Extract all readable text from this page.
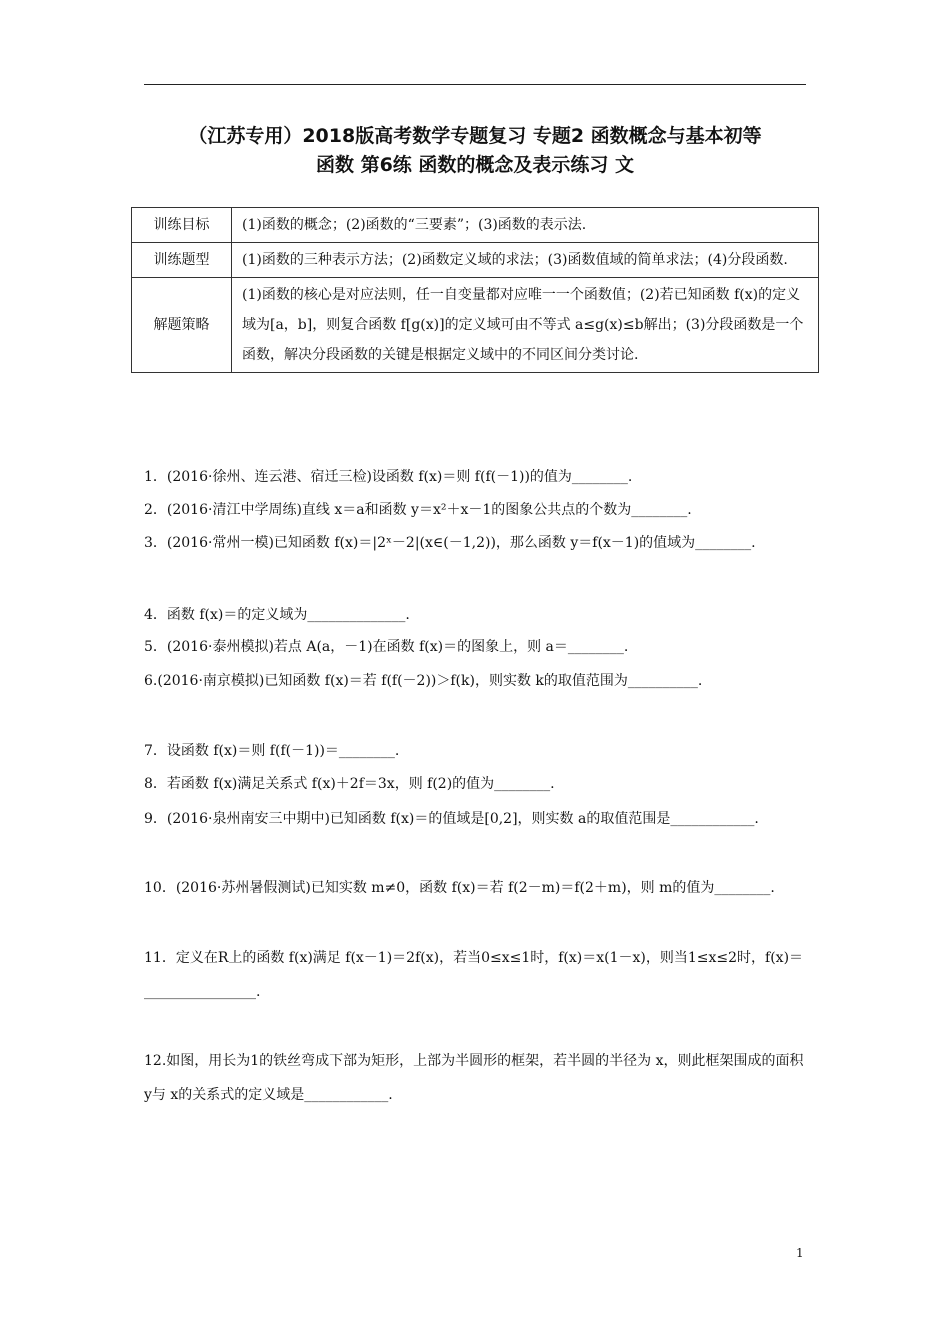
（江苏专用）2018版高考数学专题复习 专题2 函数概念与基本初等
函数 第6练 函数的概念及表示练习 文
训练目标	(1)函数的概念；(2)函数的“三要素”；(3)函数的表示法.
训练题型	(1)函数的三种表示方法；(2)函数定义域的求法；(3)函数值域的简单求法；(4)分段函数.
解题策略	(1)函数的核心是对应法则，任一自变量都对应唯一一个函数值；(2)若已知函数 f(x)的定义域为[a，b]，则复合函数 f[g(x)]的定义域可由不等式 a≤g(x)≤b解出；(3)分段函数是一个函数，解决分段函数的关键是根据定义域中的不同区间分类讨论.
1．(2016·徐州、连云港、宿迁三检)设函数 f(x)＝则 f(f(－1))的值为________.
2．(2016·清江中学周练)直线 x＝a和函数 y＝x²＋x－1的图象公共点的个数为________.
3．(2016·常州一模)已知函数 f(x)＝|2ˣ－2|(x∈(－1,2))，那么函数 y＝f(x－1)的值域为________.
4．函数 f(x)＝的定义域为______________.
5．(2016·泰州模拟)若点 A(a，－1)在函数 f(x)＝的图象上，则 a＝________.
6.(2016·南京模拟)已知函数 f(x)＝若 f(f(－2))＞f(k)，则实数 k的取值范围为__________.
7．设函数 f(x)＝则 f(f(－1))＝________.
8．若函数 f(x)满足关系式 f(x)＋2f＝3x，则 f(2)的值为________.
9．(2016·泉州南安三中期中)已知函数 f(x)＝的值域是[0,2]，则实数 a的取值范围是____________.
10．(2016·苏州暑假测试)已知实数 m≠0，函数 f(x)＝若 f(2－m)＝f(2＋m)，则 m的值为________.
11．定义在R上的函数 f(x)满足 f(x－1)＝2f(x)，若当0≤x≤1时，f(x)＝x(1－x)，则当1≤x≤2时，f(x)＝________________.
12.如图，用长为1的铁丝弯成下部为矩形，上部为半圆形的框架，若半圆的半径为 x，则此框架围成的面积 y与 x的关系式的定义域是____________.
1
